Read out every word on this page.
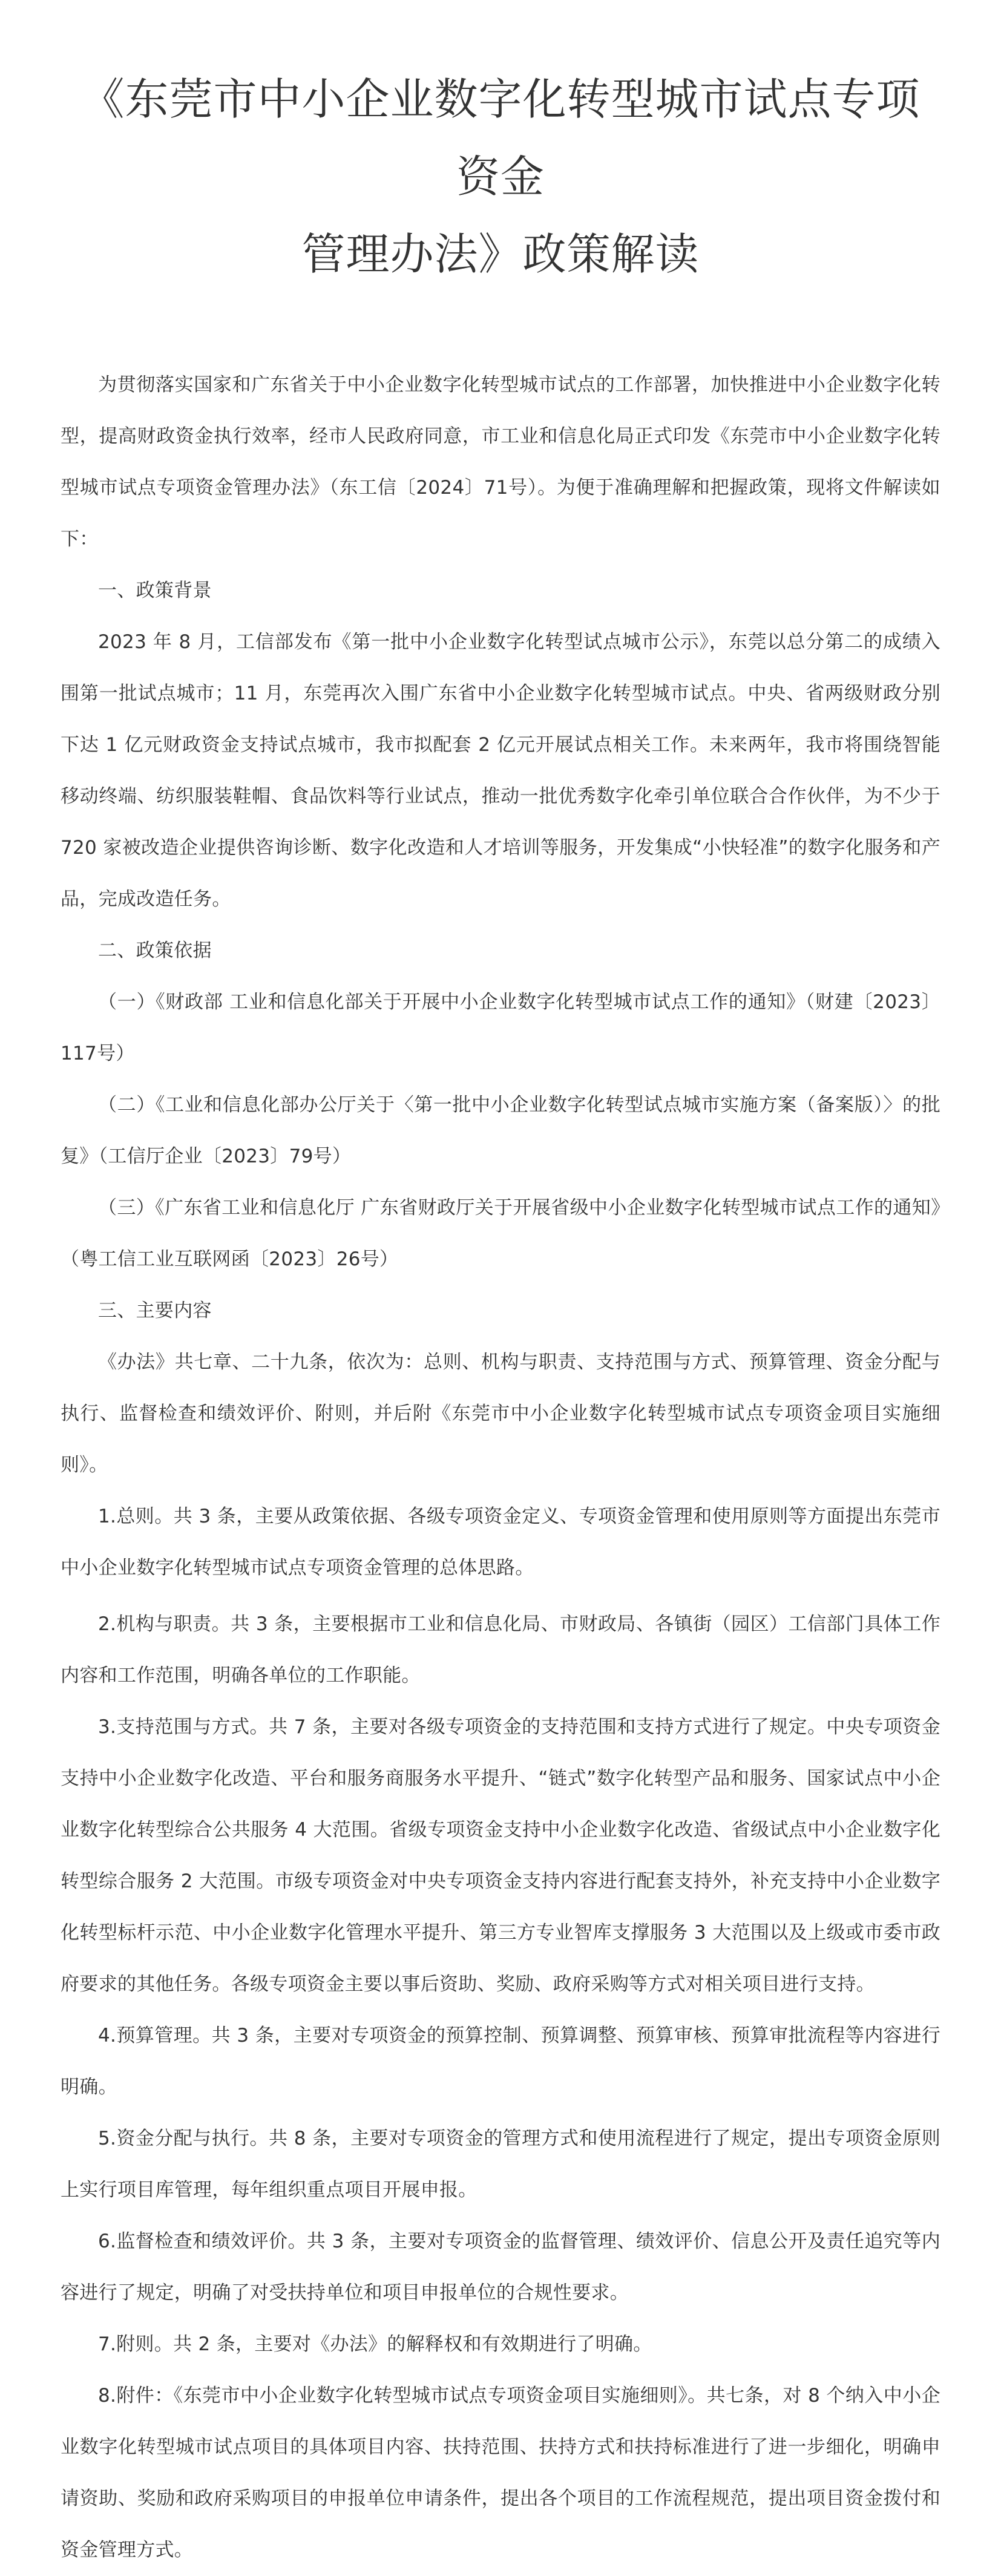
《东莞市中小企业数字化转型城市试点专项资金
管理办法》政策解读

为贯彻落实国家和广东省关于中小企业数字化转型城市试点的工作部署，加快推进中小企业数字化转型，提高财政资金执行效率，经市人民政府同意，市工业和信息化局正式印发《东莞市中小企业数字化转型城市试点专项资金管理办法》（东工信〔2024〕71号）。为便于准确理解和把握政策，现将文件解读如下：

一、政策背景

2023 年 8 月，工信部发布《第一批中小企业数字化转型试点城市公示》，东莞以总分第二的成绩入围第一批试点城市；11 月，东莞再次入围广东省中小企业数字化转型城市试点。中央、省两级财政分别下达 1 亿元财政资金支持试点城市，我市拟配套 2 亿元开展试点相关工作。未来两年，我市将围绕智能移动终端、纺织服装鞋帽、食品饮料等行业试点，推动一批优秀数字化牵引单位联合合作伙伴，为不少于 720 家被改造企业提供咨询诊断、数字化改造和人才培训等服务，开发集成“小快轻准”的数字化服务和产品，完成改造任务。

二、政策依据

（一）《财政部 工业和信息化部关于开展中小企业数字化转型城市试点工作的通知》（财建〔2023〕117号）

（二）《工业和信息化部办公厅关于〈第一批中小企业数字化转型试点城市实施方案（备案版）〉的批复》（工信厅企业〔2023〕79号）

（三）《广东省工业和信息化厅 广东省财政厅关于开展省级中小企业数字化转型城市试点工作的通知》（粤工信工业互联网函〔2023〕26号）

三、主要内容

《办法》共七章、二十九条，依次为：总则、机构与职责、支持范围与方式、预算管理、资金分配与执行、监督检查和绩效评价、附则，并后附《东莞市中小企业数字化转型城市试点专项资金项目实施细则》。

1.总则。共 3 条，主要从政策依据、各级专项资金定义、专项资金管理和使用原则等方面提出东莞市中小企业数字化转型城市试点专项资金管理的总体思路。

2.机构与职责。共 3 条，主要根据市工业和信息化局、市财政局、各镇街（园区）工信部门具体工作内容和工作范围，明确各单位的工作职能。

3.支持范围与方式。共 7 条，主要对各级专项资金的支持范围和支持方式进行了规定。中央专项资金支持中小企业数字化改造、平台和服务商服务水平提升、“链式”数字化转型产品和服务、国家试点中小企业数字化转型综合公共服务 4 大范围。省级专项资金支持中小企业数字化改造、省级试点中小企业数字化转型综合服务 2 大范围。市级专项资金对中央专项资金支持内容进行配套支持外，补充支持中小企业数字化转型标杆示范、中小企业数字化管理水平提升、第三方专业智库支撑服务 3 大范围以及上级或市委市政府要求的其他任务。各级专项资金主要以事后资助、奖励、政府采购等方式对相关项目进行支持。

4.预算管理。共 3 条，主要对专项资金的预算控制、预算调整、预算审核、预算审批流程等内容进行明确。

5.资金分配与执行。共 8 条，主要对专项资金的管理方式和使用流程进行了规定，提出专项资金原则上实行项目库管理，每年组织重点项目开展申报。

6.监督检查和绩效评价。共 3 条，主要对专项资金的监督管理、绩效评价、信息公开及责任追究等内容进行了规定，明确了对受扶持单位和项目申报单位的合规性要求。

7.附则。共 2 条，主要对《办法》的解释权和有效期进行了明确。

8.附件：《东莞市中小企业数字化转型城市试点专项资金项目实施细则》。共七条，对 8 个纳入中小企业数字化转型城市试点项目的具体项目内容、扶持范围、扶持方式和扶持标准进行了进一步细化，明确申请资助、奖励和政府采购项目的申报单位申请条件，提出各个项目的工作流程规范，提出项目资金拨付和资金管理方式。
